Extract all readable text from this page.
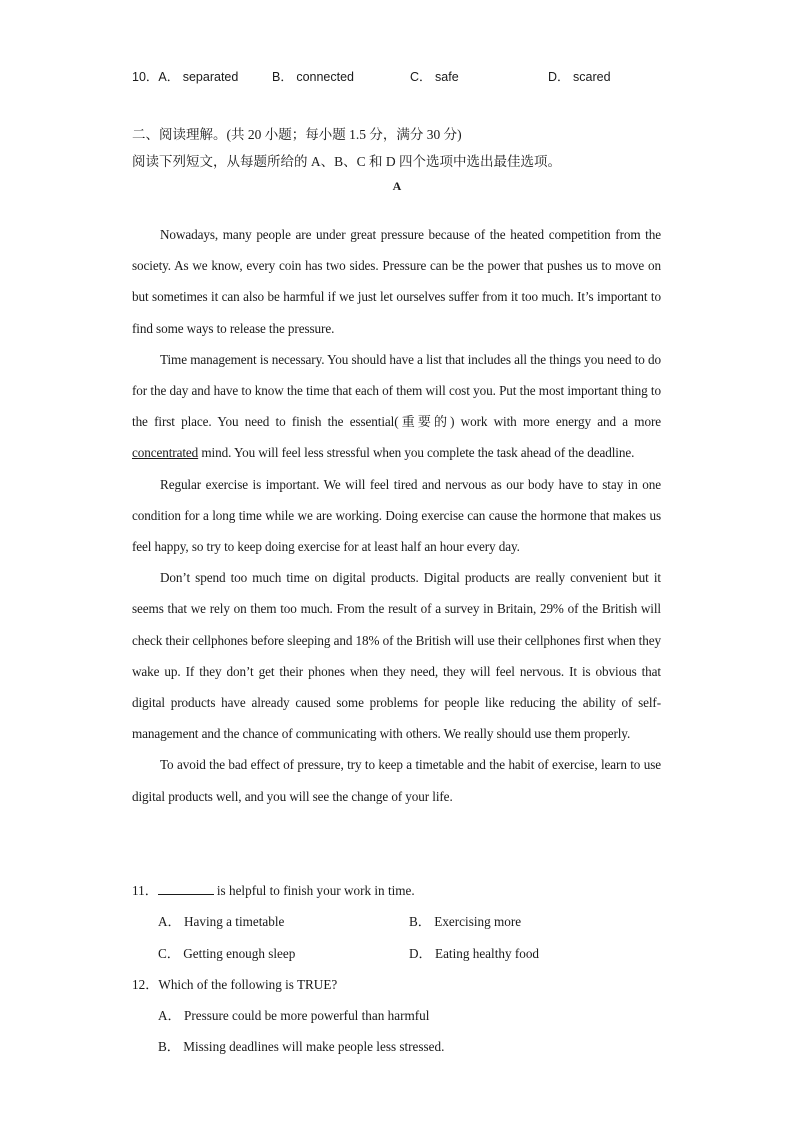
10．A． separated	B． connected	C． safe	D． scared
二、阅读理解。(共 20 小题；每小题 1.5 分，满分 30 分)
阅读下列短文，从每题所给的 A、B、C 和 D 四个选项中选出最佳选项。
A

Nowadays, many people are under great pressure because of the heated competition from the society. As we know, every coin has two sides. Pressure can be the power that pushes us to move on but sometimes it can also be harmful if we just let ourselves suffer from it too much. It’s important to find some ways to release the pressure.

Time management is necessary. You should have a list that includes all the things you need to do for the day and have to know the time that each of them will cost you. Put the most important thing to the first place. You need to finish the essential(重要的) work with more energy and a more concentrated mind. You will feel less stressful when you complete the task ahead of the deadline.

Regular exercise is important. We will feel tired and nervous as our body have to stay in one condition for a long time while we are working. Doing exercise can cause the hormone that makes us feel happy, so try to keep doing exercise for at least half an hour every day.

Don’t spend too much time on digital products. Digital products are really convenient but it seems that we rely on them too much. From the result of a survey in Britain, 29% of the British will check their cellphones before sleeping and 18% of the British will use their cellphones first when they wake up. If they don’t get their phones when they need, they will feel nervous. It is obvious that digital products have already caused some problems for people like reducing the ability of self-management and the chance of communicating with others. We really should use them properly.

To avoid the bad effect of pressure, try to keep a timetable and the habit of exercise, learn to use digital products well, and you will see the change of your life.

11．	is helpful to finish your work in time.
A． Having a timetable	B． Exercising more
C． Getting enough sleep	D． Eating healthy food
12．Which of the following is TRUE?
A． Pressure could be more powerful than harmful
B． Missing deadlines will make people less stressed.
